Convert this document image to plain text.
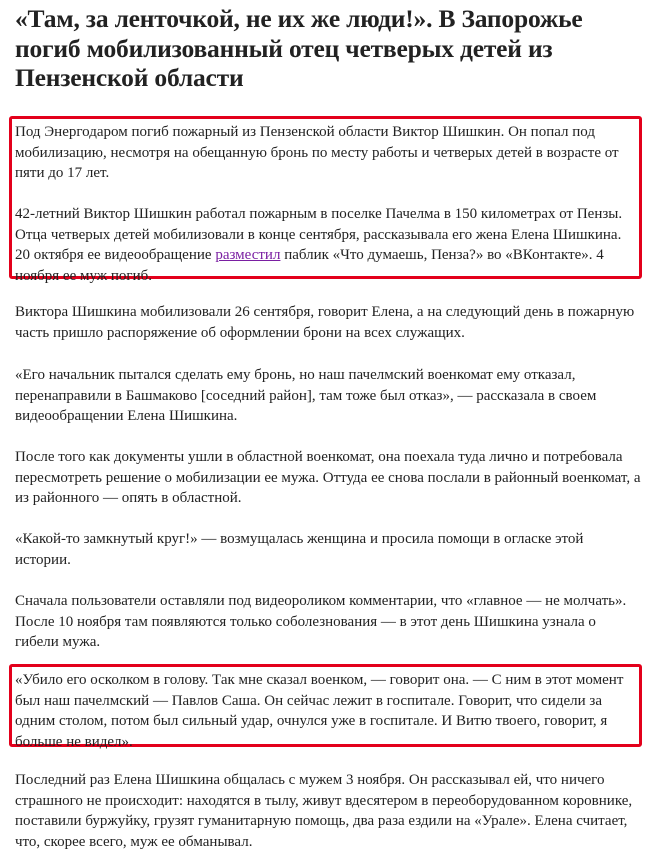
«Там, за ленточкой, не их же люди!». В Запорожье погиб мобилизованный отец четверых детей из Пензенской области

Под Энергодаром погиб пожарный из Пензенской области Виктор Шишкин. Он попал под мобилизацию, несмотря на обещанную бронь по месту работы и четверых детей в возрасте от пяти до 17 лет.

42-летний Виктор Шишкин работал пожарным в поселке Пачелма в 150 километрах от Пензы. Отца четверых детей мобилизовали в конце сентября, рассказывала его жена Елена Шишкина. 20 октября ее видеообращение разместил паблик «Что думаешь, Пенза?» во «ВКонтакте». 4 ноября ее муж погиб.

Виктора Шишкина мобилизовали 26 сентября, говорит Елена, а на следующий день в пожарную часть пришло распоряжение об оформлении брони на всех служащих.

«Его начальник пытался сделать ему бронь, но наш пачелмский военкомат ему отказал, перенаправили в Башмаково [соседний район], там тоже был отказ», — рассказала в своем видеообращении Елена Шишкина.

После того как документы ушли в областной военкомат, она поехала туда лично и потребовала пересмотреть решение о мобилизации ее мужа. Оттуда ее снова послали в районный военкомат, а из районного — опять в областной.

«Какой-то замкнутый круг!» — возмущалась женщина и просила помощи в огласке этой истории.

Сначала пользователи оставляли под видеороликом комментарии, что «главное — не молчать». После 10 ноября там появляются только соболезнования — в этот день Шишкина узнала о гибели мужа.

«Убило его осколком в голову. Так мне сказал военком, — говорит она. — С ним в этот момент был наш пачелмский — Павлов Саша. Он сейчас лежит в госпитале. Говорит, что сидели за одним столом, потом был сильный удар, очнулся уже в госпитале. И Витю твоего, говорит, я больше не видел».

Последний раз Елена Шишкина общалась с мужем 3 ноября. Он рассказывал ей, что ничего страшного не происходит: находятся в тылу, живут вдесятером в переоборудованном коровнике, поставили буржуйку, грузят гуманитарную помощь, два раза ездили на «Урале». Елена считает, что, скорее всего, муж ее обманывал.
